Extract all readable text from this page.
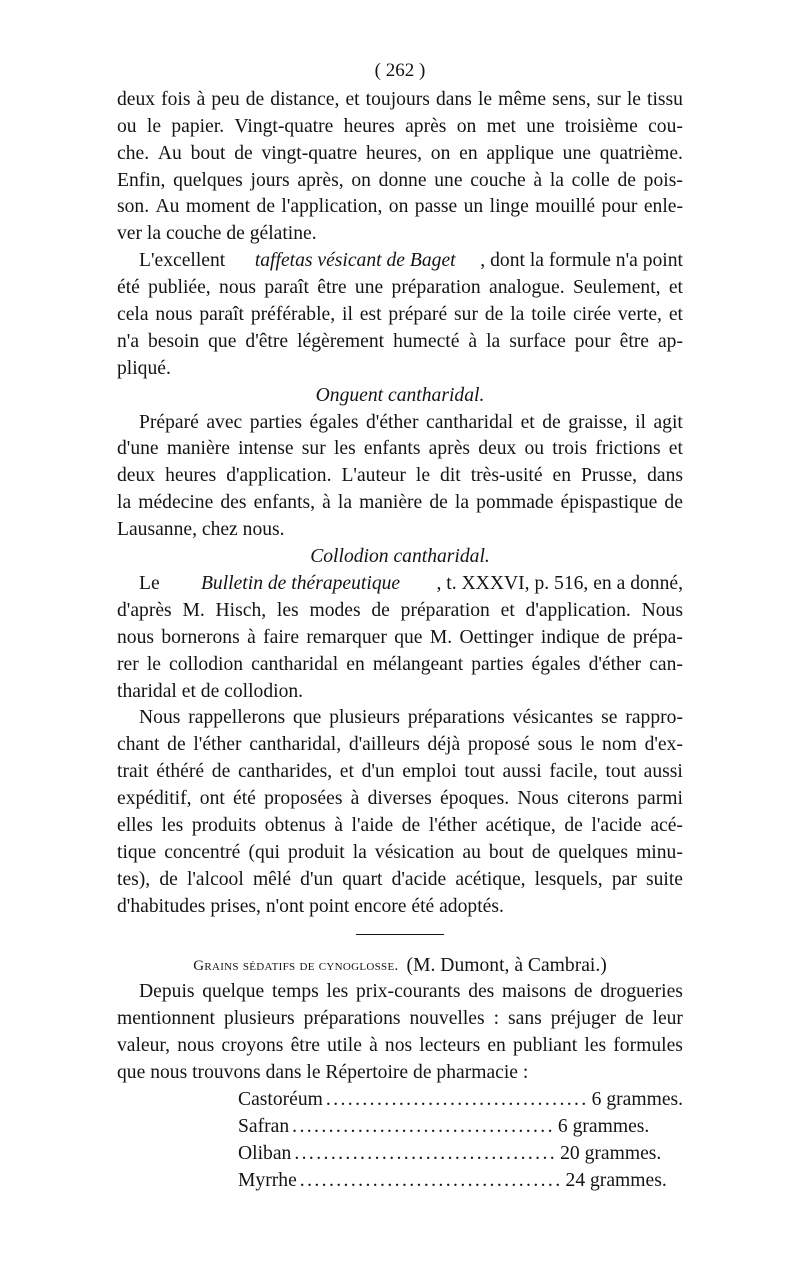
( 262 )
deux fois à peu de distance, et toujours dans le même sens, sur le tissu
ou le papier. Vingt-quatre heures après on met une troisième cou-
che. Au bout de vingt-quatre heures, on en applique une quatrième.
Enfin, quelques jours après, on donne une couche à la colle de pois-
son. Au moment de l'application, on passe un linge mouillé pour enle-
ver la couche de gélatine.
L'excellent taffetas vésicant de Baget , dont la formule n'a point
été publiée, nous paraît être une préparation analogue. Seulement, et
cela nous paraît préférable, il est préparé sur de la toile cirée verte, et
n'a besoin que d'être légèrement humecté à la surface pour être ap-
pliqué.
Onguent cantharidal.
Préparé avec parties égales d'éther cantharidal et de graisse, il agit
d'une manière intense sur les enfants après deux ou trois frictions et
deux heures d'application. L'auteur le dit très-usité en Prusse, dans
la médecine des enfants, à la manière de la pommade épispastique de
Lausanne, chez nous.
Collodion cantharidal.
Le Bulletin de thérapeutique , t. XXXVI, p. 516, en a donné,
d'après M. Hisch, les modes de préparation et d'application. Nous
nous bornerons à faire remarquer que M. Oettinger indique de prépa-
rer le collodion cantharidal en mélangeant parties égales d'éther can-
tharidal et de collodion.
Nous rappellerons que plusieurs préparations vésicantes se rappro-
chant de l'éther cantharidal, d'ailleurs déjà proposé sous le nom d'ex-
trait éthéré de cantharides, et d'un emploi tout aussi facile, tout aussi
expéditif, ont été proposées à diverses époques. Nous citerons parmi
elles les produits obtenus à l'aide de l'éther acétique, de l'acide acé-
tique concentré (qui produit la vésication au bout de quelques minu-
tes), de l'alcool mêlé d'un quart d'acide acétique, lesquels, par suite
d'habitudes prises, n'ont point encore été adoptés.
Grains sédatifs de cynoglosse. (M. Dumont, à Cambrai.)
Depuis quelque temps les prix-courants des maisons de drogueries
mentionnent plusieurs préparations nouvelles : sans préjuger de leur
valeur, nous croyons être utile à nos lecteurs en publiant les formules
que nous trouvons dans le Répertoire de pharmacie :
Castoréum .................................... 6 grammes.
Safran .................................... 6 grammes.
Oliban .................................... 20 grammes.
Myrrhe .................................... 24 grammes.
